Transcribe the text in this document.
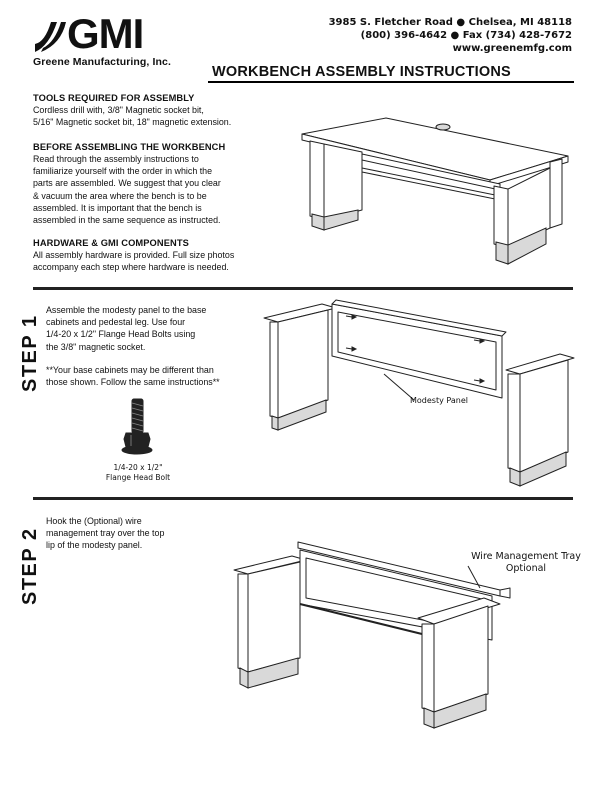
GMI
Greene Manufacturing, Inc.
3985 S. Fletcher Road ● Chelsea, MI 48118
(800) 396-4642 ● Fax (734) 428-7672
www.greenemfg.com
WORKBENCH ASSEMBLY INSTRUCTIONS
TOOLS REQUIRED FOR ASSEMBLY

Cordless drill with, 3/8" Magnetic socket bit,
5/16" Magnetic socket bit, 18" magnetic extension.

BEFORE ASSEMBLING THE WORKBENCH

Read through the assembly instructions to
familiarize yourself with the order in which the
parts are assembled. We suggest that you clear
& vacuum the area where the bench is to be
assembled. It is important that the bench is
assembled in the same sequence as instructed.

HARDWARE & GMI COMPONENTS

All assembly hardware is provided. Full size photos
accompany each step where hardware is needed.

STEP 1

Assemble the modesty panel to the base
cabinets and pedestal leg. Use four
1/4-20 x 1/2" Flange Head Bolts using
the 3/8" magnetic socket.

**Your base cabinets may be different than
those shown. Follow the same instructions**

1/4-20 x 1/2"
Flange Head Bolt
Modesty Panel
STEP 2

Hook the (Optional) wire
management tray over the top
lip of the modesty panel.

Wire Management Tray
Optional
